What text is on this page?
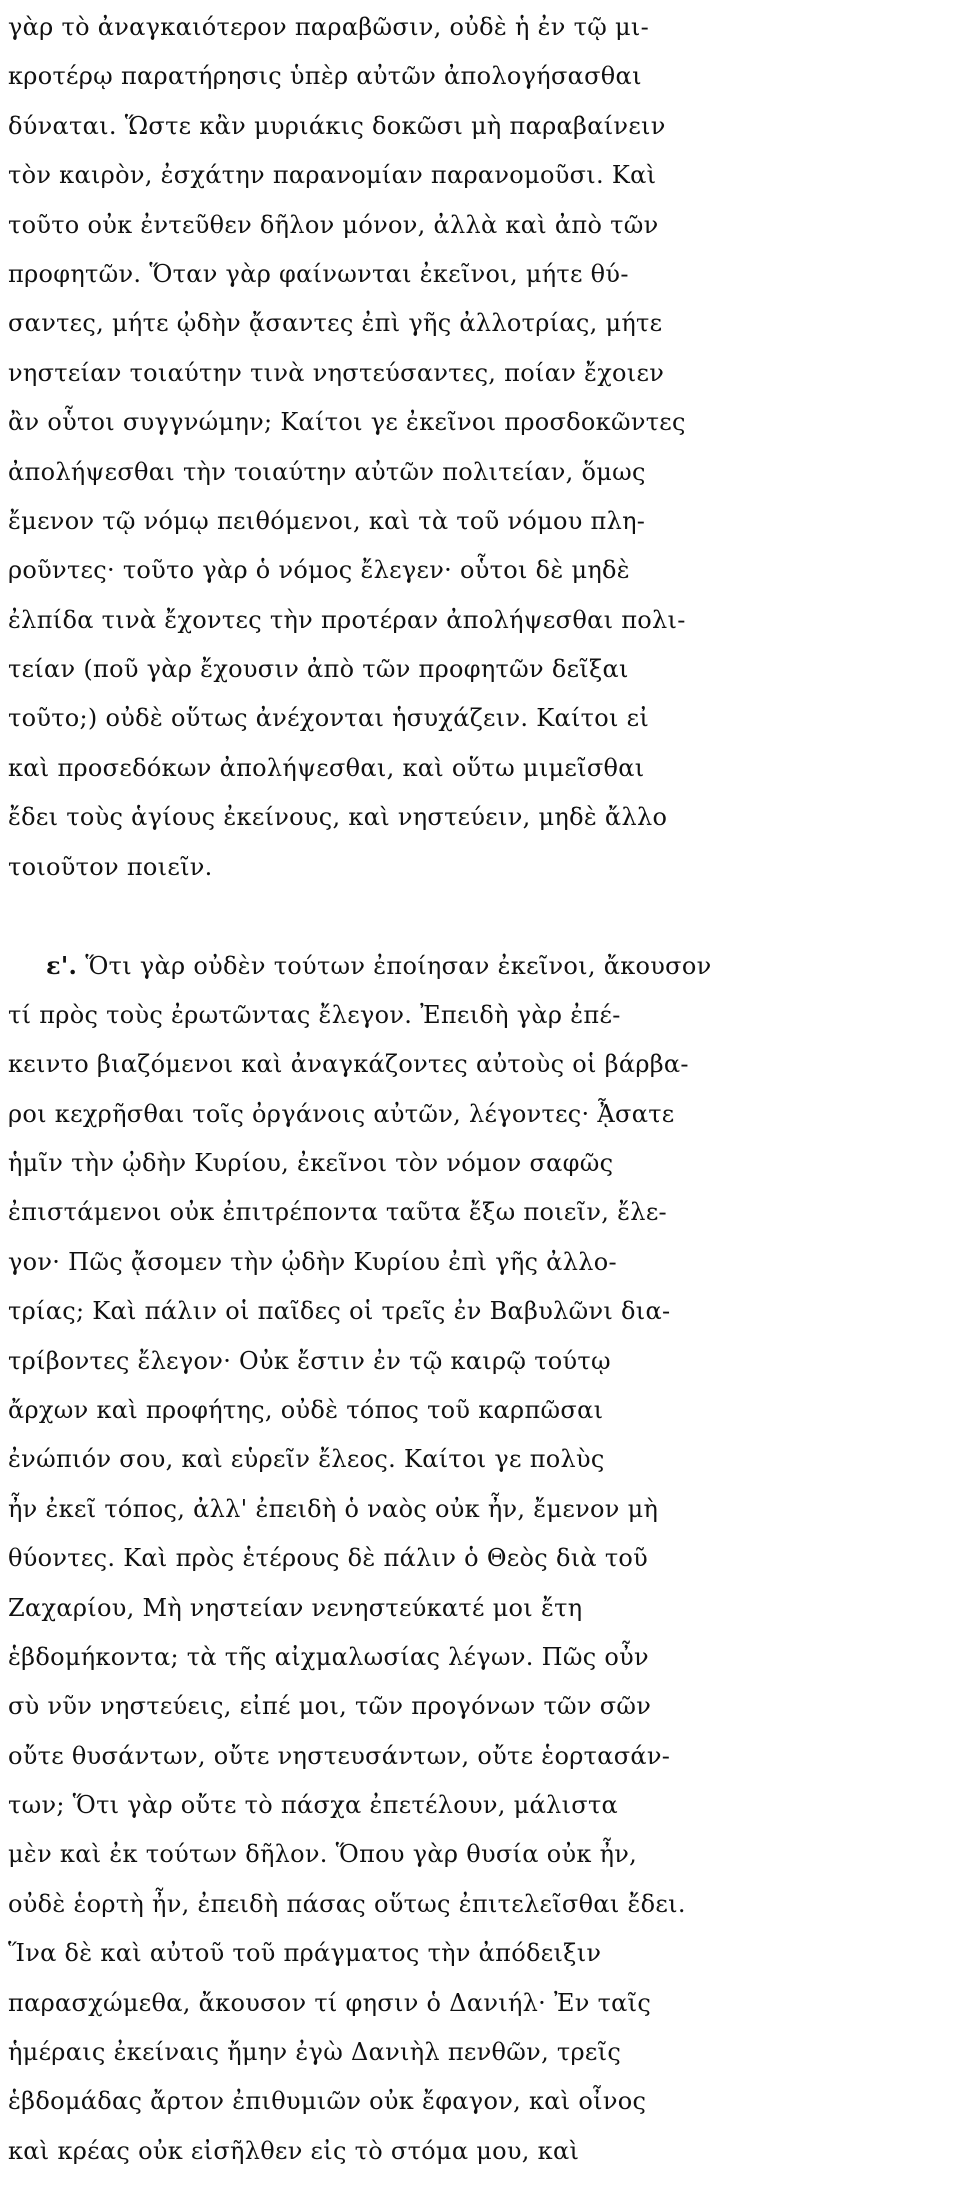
γὰρ τὸ ἀναγκαιότερον παραβῶσιν, οὐδὲ ἡ ἐν τῷ μι-
κροτέρῳ παρατήρησις ὑπὲρ αὐτῶν ἀπολογήσασθαι
δύναται. Ὥστε κἂν μυριάκις δοκῶσι μὴ παραβαίνειν
τὸν καιρὸν, ἐσχάτην παρανομίαν παρανομοῦσι. Καὶ
τοῦτο οὐκ ἐντεῦθεν δῆλον μόνον, ἀλλὰ καὶ ἀπὸ τῶν
προφητῶν. Ὅταν γὰρ φαίνωνται ἐκεῖνοι, μήτε θύ-
σαντες, μήτε ᾠδὴν ᾄσαντες ἐπὶ γῆς ἀλλοτρίας, μήτε
νηστείαν τοιαύτην τινὰ νηστεύσαντες, ποίαν ἔχοιεν
ἂν οὗτοι συγγνώμην; Καίτοι γε ἐκεῖνοι προσδοκῶντες
ἀπολήψεσθαι τὴν τοιαύτην αὐτῶν πολιτείαν, ὅμως
ἔμενον τῷ νόμῳ πειθόμενοι, καὶ τὰ τοῦ νόμου πλη-
ροῦντες· τοῦτο γὰρ ὁ νόμος ἔλεγεν· οὗτοι δὲ μηδὲ
ἐλπίδα τινὰ ἔχοντες τὴν προτέραν ἀπολήψεσθαι πολι-
τείαν (ποῦ γὰρ ἔχουσιν ἀπὸ τῶν προφητῶν δεῖξαι
τοῦτο;) οὐδὲ οὕτως ἀνέχονται ἡσυχάζειν. Καίτοι εἰ
καὶ προσεδόκων ἀπολήψεσθαι, καὶ οὕτω μιμεῖσθαι
ἔδει τοὺς ἁγίους ἐκείνους, καὶ νηστεύειν, μηδὲ ἄλλο
τοιοῦτον ποιεῖν.
ε'. Ὅτι γὰρ οὐδὲν τούτων ἐποίησαν ἐκεῖνοι, ἄκουσον
τί πρὸς τοὺς ἐρωτῶντας ἔλεγον. Ἐπειδὴ γὰρ ἐπέ-
κειντο βιαζόμενοι καὶ ἀναγκάζοντες αὐτοὺς οἱ βάρβα-
ροι κεχρῆσθαι τοῖς ὀργάνοις αὐτῶν, λέγοντες· ᾎσατε
ἡμῖν τὴν ᾠδὴν Κυρίου, ἐκεῖνοι τὸν νόμον σαφῶς
ἐπιστάμενοι οὐκ ἐπιτρέποντα ταῦτα ἔξω ποιεῖν, ἔλε-
γον· Πῶς ᾄσομεν τὴν ᾠδὴν Κυρίου ἐπὶ γῆς ἀλλο-
τρίας; Καὶ πάλιν οἱ παῖδες οἱ τρεῖς ἐν Βαβυλῶνι δια-
τρίβοντες ἔλεγον· Οὐκ ἔστιν ἐν τῷ καιρῷ τούτῳ
ἄρχων καὶ προφήτης, οὐδὲ τόπος τοῦ καρπῶσαι
ἐνώπιόν σου, καὶ εὑρεῖν ἔλεος. Καίτοι γε πολὺς
ἦν ἐκεῖ τόπος, ἀλλ' ἐπειδὴ ὁ ναὸς οὐκ ἦν, ἔμενον μὴ
θύοντες. Καὶ πρὸς ἑτέρους δὲ πάλιν ὁ Θεὸς διὰ τοῦ
Ζαχαρίου, Μὴ νηστείαν νενηστεύκατέ μοι ἔτη
ἑβδομήκοντα; τὰ τῆς αἰχμαλωσίας λέγων. Πῶς οὖν
σὺ νῦν νηστεύεις, εἰπέ μοι, τῶν προγόνων τῶν σῶν
οὔτε θυσάντων, οὔτε νηστευσάντων, οὔτε ἑορτασάν-
των; Ὅτι γὰρ οὔτε τὸ πάσχα ἐπετέλουν, μάλιστα
μὲν καὶ ἐκ τούτων δῆλον. Ὅπου γὰρ θυσία οὐκ ἦν,
οὐδὲ ἑορτὴ ἦν, ἐπειδὴ πάσας οὕτως ἐπιτελεῖσθαι ἔδει.
Ἵνα δὲ καὶ αὐτοῦ τοῦ πράγματος τὴν ἀπόδειξιν
παρασχώμεθα, ἄκουσον τί φησιν ὁ Δανιήλ· Ἐν ταῖς
ἡμέραις ἐκείναις ἤμην ἐγὼ Δανιὴλ πενθῶν, τρεῖς
ἑβδομάδας ἄρτον ἐπιθυμιῶν οὐκ ἔφαγον, καὶ οἶνος
καὶ κρέας οὐκ εἰσῆλθεν εἰς τὸ στόμα μου, καὶ
